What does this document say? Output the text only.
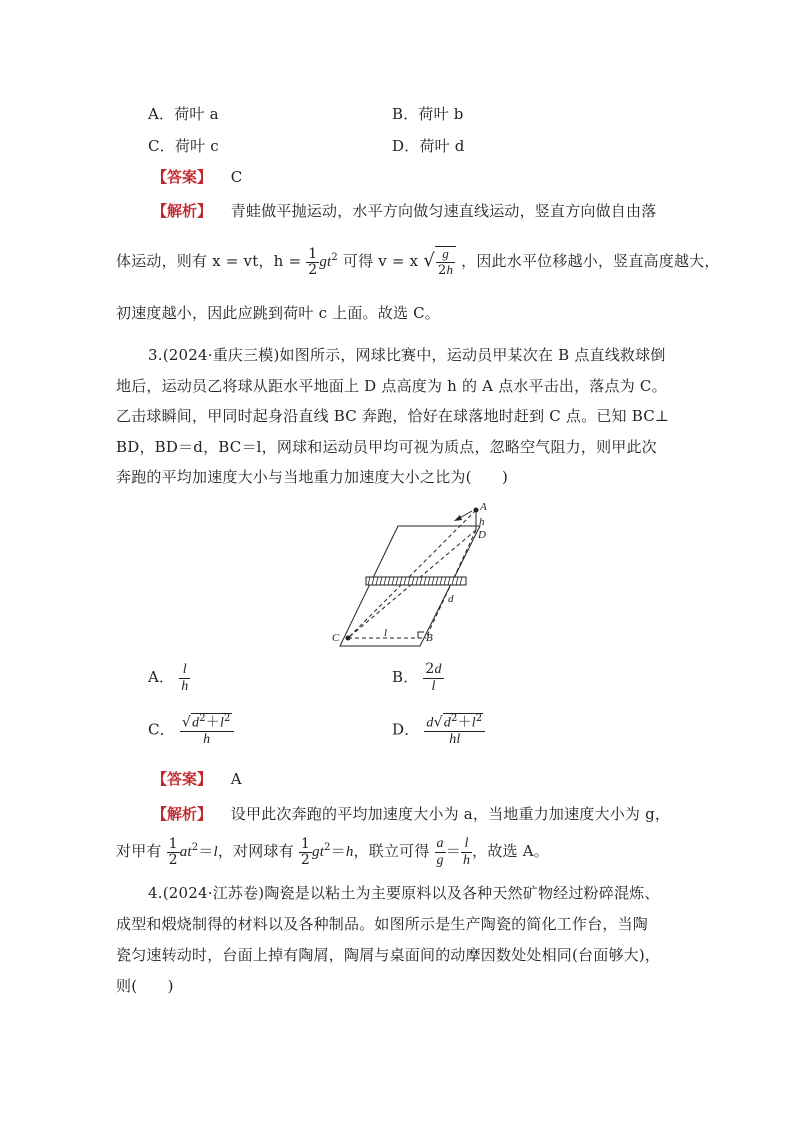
A．荷叶 a	B．荷叶 b
C．荷叶 c	D．荷叶 d
【答案】 C
【解析】 青蛙做平抛运动，水平方向做匀速直线运动，竖直方向做自由落
体运动，则有 x = vt，$h = \frac{1}{2} gt^2$ 可得 v = x √ $\frac{g}{2h}$ ，因此水平位移越小，竖直高度越大，
初速度越小，因此应跳到荷叶 c 上面。故选 C。
3.(2024·重庆三模)如图所示，网球比赛中，运动员甲某次在 B 点直线救球倒
地后，运动员乙将球从距水平地面上 D 点高度为 h 的 A 点水平击出，落点为 C。
乙击球瞬间，甲同时起身沿直线 BC 奔跑，恰好在球落地时赶到 C 点。已知 BC⊥
BD，BD＝d，BC＝l，网球和运动员甲均可视为质点，忽略空气阻力，则甲此次
奔跑的平均加速度大小与当地重力加速度大小之比为(　　)
A
h
D
d
C	l	B
A． $\frac{l}{h}$	B． $\frac{2d}{l}$
C． $\frac{√d^2+l^2}{h}$	D． $\frac{d√d^2+l^2}{hl}$
【答案】 A
【解析】 设甲此次奔跑的平均加速度大小为 a，当地重力加速度大小为 g，
对甲有 $\frac{1}{2} at^2=l$，对网球有 $\frac{1}{2} gt^2=h$，联立可得 $\frac{a}{g} = \frac{l}{h}$ ，故选 A。
4.(2024·江苏卷)陶瓷是以粘土为主要原料以及各种天然矿物经过粉碎混炼、
成型和煅烧制得的材料以及各种制品。如图所示是生产陶瓷的简化工作台，当陶
瓷匀速转动时，台面上掉有陶屑，陶屑与桌面间的动摩因数处处相同(台面够大)，
则(　　)
